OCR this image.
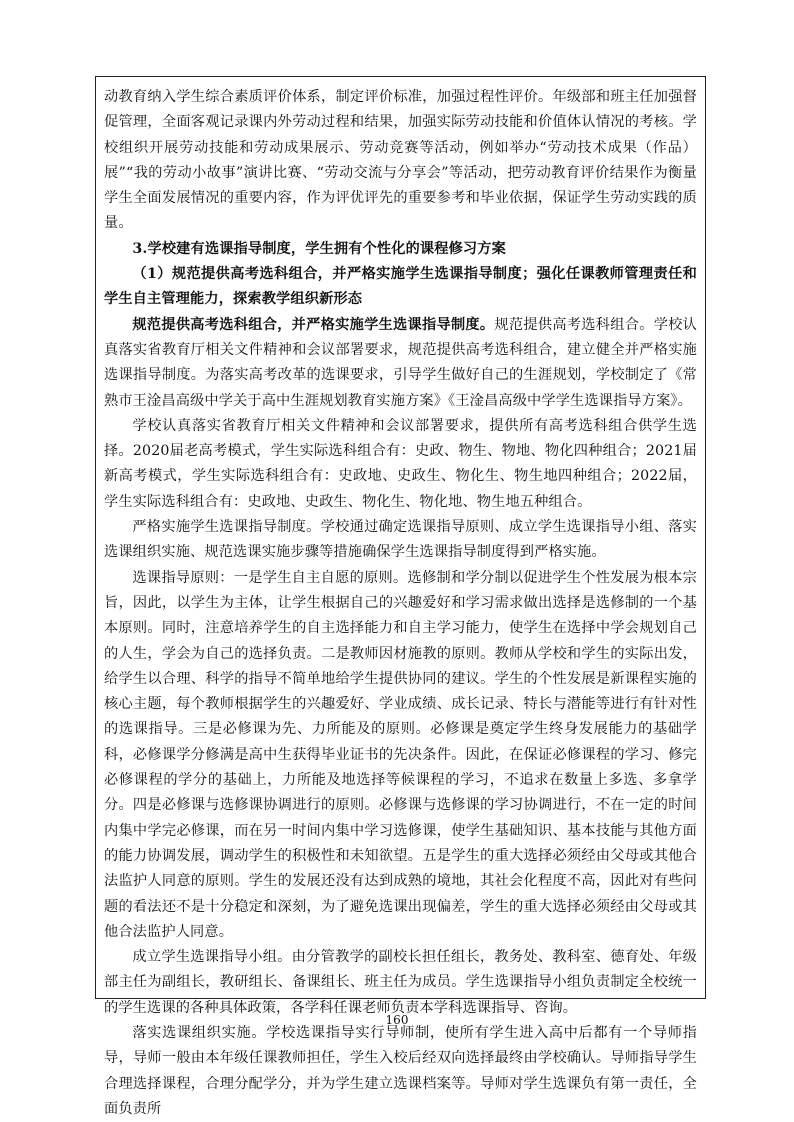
动教育纳入学生综合素质评价体系，制定评价标准，加强过程性评价。年级部和班主任加强督促管理，全面客观记录课内外劳动过程和结果，加强实际劳动技能和价值体认情况的考核。学校组织开展劳动技能和劳动成果展示、劳动竞赛等活动，例如举办“劳动技术成果（作品）展”“我的劳动小故事”演讲比赛、“劳动交流与分享会”等活动，把劳动教育评价结果作为衡量学生全面发展情况的重要内容，作为评优评先的重要参考和毕业依据，保证学生劳动实践的质量。

3.学校建有选课指导制度，学生拥有个性化的课程修习方案

（1）规范提供高考选科组合，并严格实施学生选课指导制度；强化任课教师管理责任和学生自主管理能力，探索教学组织新形态

规范提供高考选科组合，并严格实施学生选课指导制度。规范提供高考选科组合。学校认真落实省教育厅相关文件精神和会议部署要求，规范提供高考选科组合，建立健全并严格实施选课指导制度。为落实高考改革的选课要求，引导学生做好自己的生涯规划，学校制定了《常熟市王淦昌高级中学关于高中生涯规划教育实施方案》《王淦昌高级中学学生选课指导方案》。

学校认真落实省教育厅相关文件精神和会议部署要求，提供所有高考选科组合供学生选择。2020届老高考模式，学生实际选科组合有：史政、物生、物地、物化四种组合；2021届新高考模式，学生实际选科组合有：史政地、史政生、物化生、物生地四种组合；2022届，学生实际选科组合有：史政地、史政生、物化生、物化地、物生地五种组合。

严格实施学生选课指导制度。学校通过确定选课指导原则、成立学生选课指导小组、落实选课组织实施、规范选课实施步骤等措施确保学生选课指导制度得到严格实施。

选课指导原则：一是学生自主自愿的原则。选修制和学分制以促进学生个性发展为根本宗旨，因此，以学生为主体，让学生根据自己的兴趣爱好和学习需求做出选择是选修制的一个基本原则。同时，注意培养学生的自主选择能力和自主学习能力，使学生在选择中学会规划自己的人生，学会为自己的选择负责。二是教师因材施教的原则。教师从学校和学生的实际出发，给学生以合理、科学的指导不简单地给学生提供协同的建议。学生的个性发展是新课程实施的核心主题，每个教师根据学生的兴趣爱好、学业成绩、成长记录、特长与潜能等进行有针对性的选课指导。三是必修课为先、力所能及的原则。必修课是奠定学生终身发展能力的基础学科，必修课学分修满是高中生获得毕业证书的先决条件。因此，在保证必修课程的学习、修完必修课程的学分的基础上，力所能及地选择等候课程的学习，不追求在数量上多选、多拿学分。四是必修课与选修课协调进行的原则。必修课与选修课的学习协调进行，不在一定的时间内集中学完必修课，而在另一时间内集中学习选修课，使学生基础知识、基本技能与其他方面的能力协调发展，调动学生的积极性和未知欲望。五是学生的重大选择必须经由父母或其他合法监护人同意的原则。学生的发展还没有达到成熟的境地，其社会化程度不高，因此对有些问题的看法还不是十分稳定和深刻，为了避免选课出现偏差，学生的重大选择必须经由父母或其他合法监护人同意。

成立学生选课指导小组。由分管教学的副校长担任组长，教务处、教科室、德育处、年级部主任为副组长，教研组长、备课组长、班主任为成员。学生选课指导小组负责制定全校统一的学生选课的各种具体政策，各学科任课老师负责本学科选课指导、咨询。

落实选课组织实施。学校选课指导实行导师制，使所有学生进入高中后都有一个导师指导，导师一般由本年级任课教师担任，学生入校后经双向选择最终由学校确认。导师指导学生合理选择课程，合理分配学分，并为学生建立选课档案等。导师对学生选课负有第一责任，全面负责所

160
